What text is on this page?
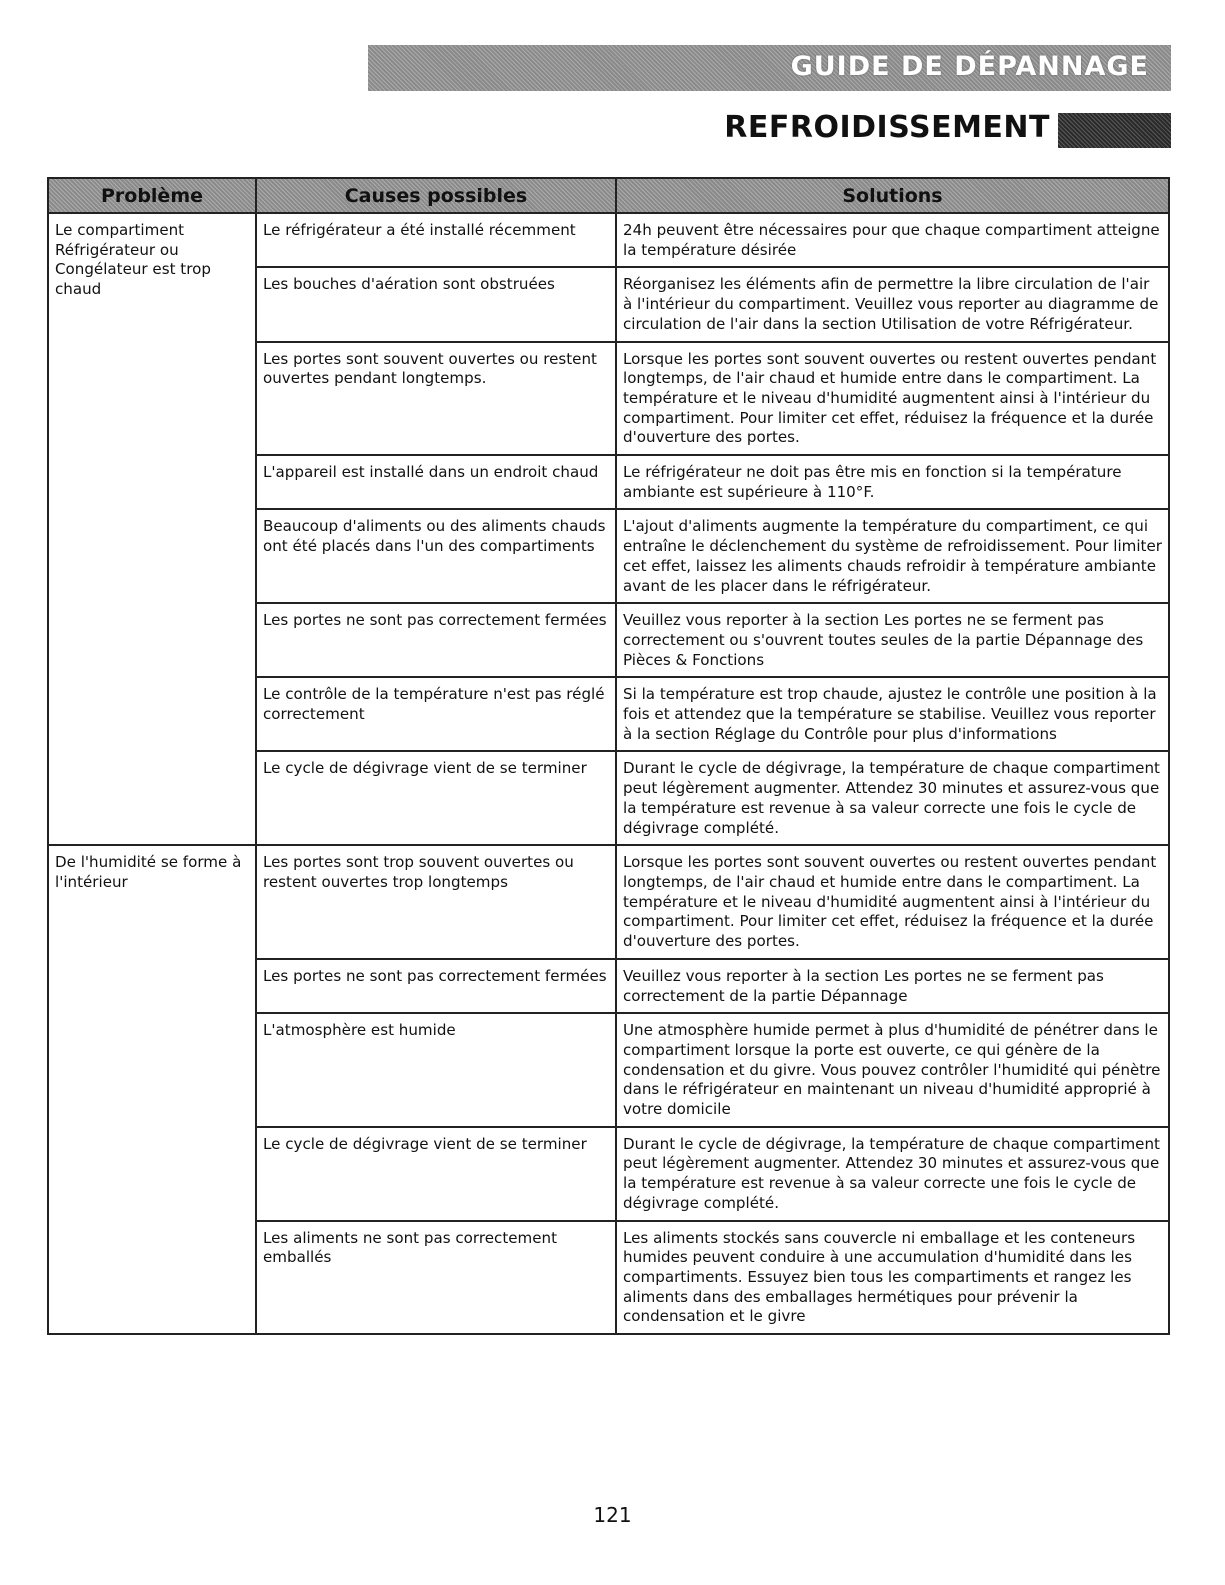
GUIDE DE DÉPANNAGE
REFROIDISSEMENT
Problème	Causes possibles	Solutions
Le compartiment Réfrigérateur ou Congélateur est trop chaud	Le réfrigérateur a été installé récemment	24h peuvent être nécessaires pour que chaque compartiment atteigne la température désirée
	Les bouches d'aération sont obstruées	Réorganisez les éléments afin de permettre la libre circulation de l'air à l'intérieur du compartiment. Veuillez vous reporter au diagramme de circulation de l'air dans la section Utilisation de votre Réfrigérateur.
	Les portes sont souvent ouvertes ou restent ouvertes pendant longtemps.	Lorsque les portes sont souvent ouvertes ou restent ouvertes pendant longtemps, de l'air chaud et humide entre dans le compartiment. La température et le niveau d'humidité augmentent ainsi à l'intérieur du compartiment. Pour limiter cet effet, réduisez la fréquence et la durée d'ouverture des portes.
	L'appareil est installé dans un endroit chaud	Le réfrigérateur ne doit pas être mis en fonction si la température ambiante est supérieure à 110°F.
	Beaucoup d'aliments ou des aliments chauds ont été placés dans l'un des compartiments	L'ajout d'aliments augmente la température du compartiment, ce qui entraîne le déclenchement du système de refroidissement. Pour limiter cet effet, laissez les aliments chauds refroidir à température ambiante avant de les placer dans le réfrigérateur.
	Les portes ne sont pas correctement fermées	Veuillez vous reporter à la section Les portes ne se ferment pas correctement ou s'ouvrent toutes seules de la partie Dépannage des Pièces & Fonctions
	Le contrôle de la température n'est pas réglé correctement	Si la température est trop chaude, ajustez le contrôle une position à la fois et attendez que la température se stabilise. Veuillez vous reporter à la section Réglage du Contrôle pour plus d'informations
	Le cycle de dégivrage vient de se terminer	Durant le cycle de dégivrage, la température de chaque compartiment peut légèrement augmenter. Attendez 30 minutes et assurez-vous que la température est revenue à sa valeur correcte une fois le cycle de dégivrage complété.
De l'humidité se forme à l'intérieur	Les portes sont trop souvent ouvertes ou restent ouvertes trop longtemps	Lorsque les portes sont souvent ouvertes ou restent ouvertes pendant longtemps, de l'air chaud et humide entre dans le compartiment. La température et le niveau d'humidité augmentent ainsi à l'intérieur du compartiment. Pour limiter cet effet, réduisez la fréquence et la durée d'ouverture des portes.
	Les portes ne sont pas correctement fermées	Veuillez vous reporter à la section Les portes ne se ferment pas correctement de la partie Dépannage
	L'atmosphère est humide	Une atmosphère humide permet à plus d'humidité de pénétrer dans le compartiment lorsque la porte est ouverte, ce qui génère de la condensation et du givre. Vous pouvez contrôler l'humidité qui pénètre dans le réfrigérateur en maintenant un niveau d'humidité approprié à votre domicile
	Le cycle de dégivrage vient de se terminer	Durant le cycle de dégivrage, la température de chaque compartiment peut légèrement augmenter. Attendez 30 minutes et assurez-vous que la température est revenue à sa valeur correcte une fois le cycle de dégivrage complété.
	Les aliments ne sont pas correctement emballés	Les aliments stockés sans couvercle ni emballage et les conteneurs humides peuvent conduire à une accumulation d'humidité dans les compartiments. Essuyez bien tous les compartiments et rangez les aliments dans des emballages hermétiques pour prévenir la condensation et le givre
121
